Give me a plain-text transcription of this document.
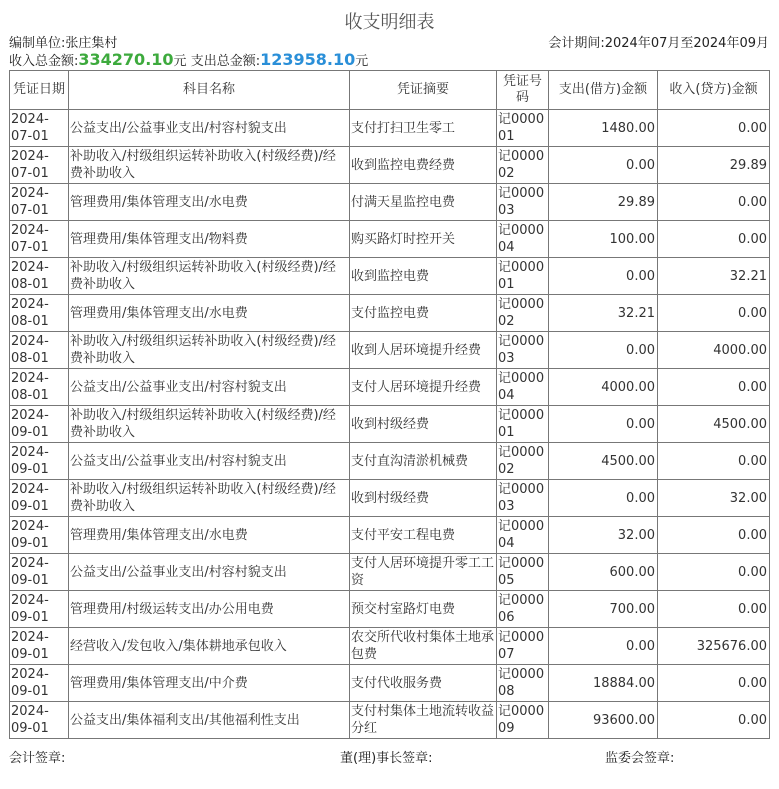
收支明细表
编制单位:张庄集村	会计期间:2024年07月至2024年09月
收入总金额:334270.10元 支出总金额:123958.10元
凭证日期	科目名称	凭证摘要	凭证号码	支出(借方)金额	收入(贷方)金额
2024-07-01	公益支出/公益事业支出/村容村貌支出	支付打扫卫生零工	记000001	1480.00	0.00
2024-07-01	补助收入/村级组织运转补助收入(村级经费)/经费补助收入	收到监控电费经费	记000002	0.00	29.89
2024-07-01	管理费用/集体管理支出/水电费	付满天星监控电费	记000003	29.89	0.00
2024-07-01	管理费用/集体管理支出/物料费	购买路灯时控开关	记000004	100.00	0.00
2024-08-01	补助收入/村级组织运转补助收入(村级经费)/经费补助收入	收到监控电费	记000001	0.00	32.21
2024-08-01	管理费用/集体管理支出/水电费	支付监控电费	记000002	32.21	0.00
2024-08-01	补助收入/村级组织运转补助收入(村级经费)/经费补助收入	收到人居环境提升经费	记000003	0.00	4000.00
2024-08-01	公益支出/公益事业支出/村容村貌支出	支付人居环境提升经费	记000004	4000.00	0.00
2024-09-01	补助收入/村级组织运转补助收入(村级经费)/经费补助收入	收到村级经费	记000001	0.00	4500.00
2024-09-01	公益支出/公益事业支出/村容村貌支出	支付直沟清淤机械费	记000002	4500.00	0.00
2024-09-01	补助收入/村级组织运转补助收入(村级经费)/经费补助收入	收到村级经费	记000003	0.00	32.00
2024-09-01	管理费用/集体管理支出/水电费	支付平安工程电费	记000004	32.00	0.00
2024-09-01	公益支出/公益事业支出/村容村貌支出	支付人居环境提升零工工资	记000005	600.00	0.00
2024-09-01	管理费用/村级运转支出/办公用电费	预交村室路灯电费	记000006	700.00	0.00
2024-09-01	经营收入/发包收入/集体耕地承包收入	农交所代收村集体土地承包费	记000007	0.00	325676.00
2024-09-01	管理费用/集体管理支出/中介费	支付代收服务费	记000008	18884.00	0.00
2024-09-01	公益支出/集体福利支出/其他福利性支出	支付村集体土地流转收益分红	记000009	93600.00	0.00
会计签章:	董(理)事长签章:	监委会签章:
